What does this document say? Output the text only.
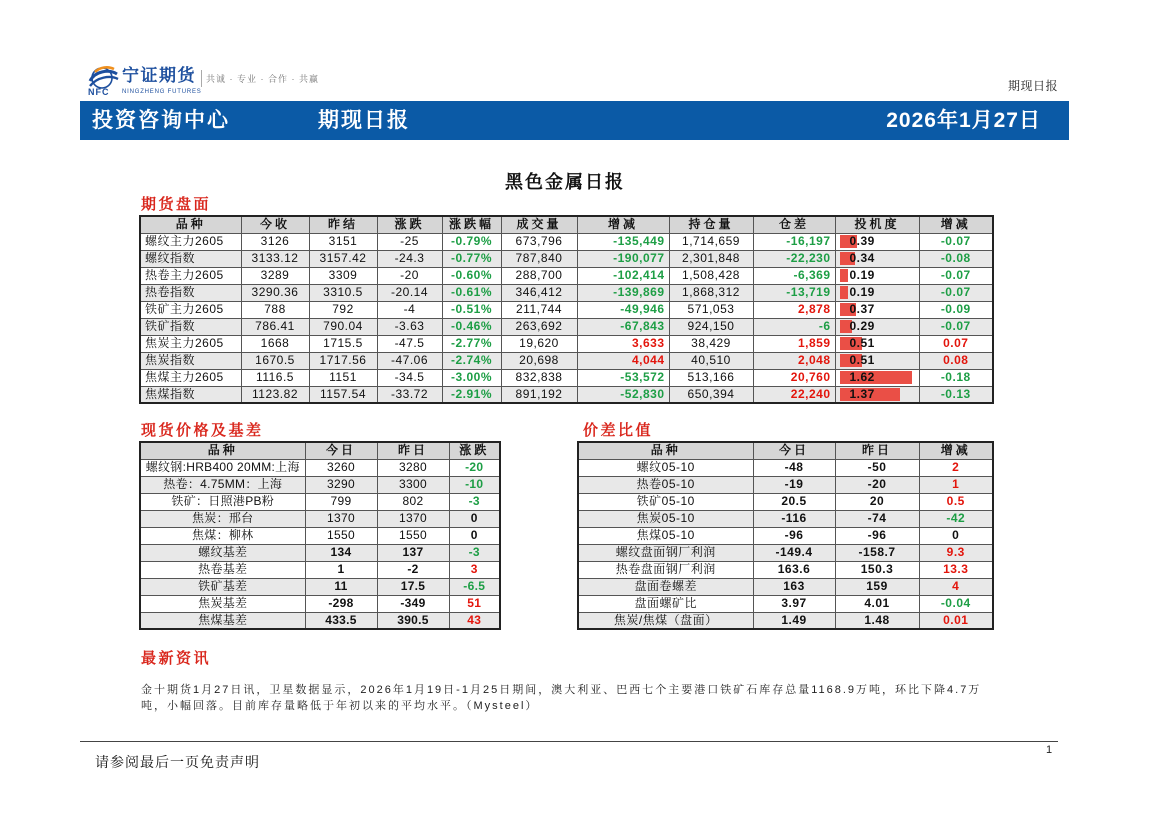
宁证期货
NFC NINGZHENG FUTURES
共诚 · 专业 · 合作 · 共赢	期现日报
投资咨询中心	期现日报	2026年1月27日
黑色金属日报
期货盘面
品种	今收	昨结	涨跌	涨跌幅	成交量	增减	持仓量	仓差	投机度	增减
螺纹主力2605	3126	3151	-25	-0.79%	673,796	-135,449	1,714,659	-16,197	0.39	-0.07
螺纹指数	3133.12	3157.42	-24.3	-0.77%	787,840	-190,077	2,301,848	-22,230	0.34	-0.08
热卷主力2605	3289	3309	-20	-0.60%	288,700	-102,414	1,508,428	-6,369	0.19	-0.07
热卷指数	3290.36	3310.5	-20.14	-0.61%	346,412	-139,869	1,868,312	-13,719	0.19	-0.07
铁矿主力2605	788	792	-4	-0.51%	211,744	-49,946	571,053	2,878	0.37	-0.09
铁矿指数	786.41	790.04	-3.63	-0.46%	263,692	-67,843	924,150	-6	0.29	-0.07
焦炭主力2605	1668	1715.5	-47.5	-2.77%	19,620	3,633	38,429	1,859	0.51	0.07
焦炭指数	1670.5	1717.56	-47.06	-2.74%	20,698	4,044	40,510	2,048	0.51	0.08
焦煤主力2605	1116.5	1151	-34.5	-3.00%	832,838	-53,572	513,166	20,760	1.62	-0.18
焦煤指数	1123.82	1157.54	-33.72	-2.91%	891,192	-52,830	650,394	22,240	1.37	-0.13
现货价格及基差
品种	今日	昨日	涨跌
螺纹钢:HRB400 20MM:上海	3260	3280	-20
热卷：4.75MM：上海	3290	3300	-10
铁矿：日照港PB粉	799	802	-3
焦炭：邢台	1370	1370	0
焦煤：柳林	1550	1550	0
螺纹基差	134	137	-3
热卷基差	1	-2	3
铁矿基差	11	17.5	-6.5
焦炭基差	-298	-349	51
焦煤基差	433.5	390.5	43
价差比值
品种	今日	昨日	增减
螺纹05-10	-48	-50	2
热卷05-10	-19	-20	1
铁矿05-10	20.5	20	0.5
焦炭05-10	-116	-74	-42
焦煤05-10	-96	-96	0
螺纹盘面钢厂利润	-149.4	-158.7	9.3
热卷盘面钢厂利润	163.6	150.3	13.3
盘面卷螺差	163	159	4
盘面螺矿比	3.97	4.01	-0.04
焦炭/焦煤（盘面）	1.49	1.48	0.01
最新资讯

金十期货1月27日讯，卫星数据显示，2026年1月19日-1月25日期间，澳大利亚、巴西七个主要港口铁矿石库存总量1168.9万吨，环比下降4.7万吨，小幅回落。目前库存量略低于年初以来的平均水平。（Mysteel）

1
请参阅最后一页免责声明
